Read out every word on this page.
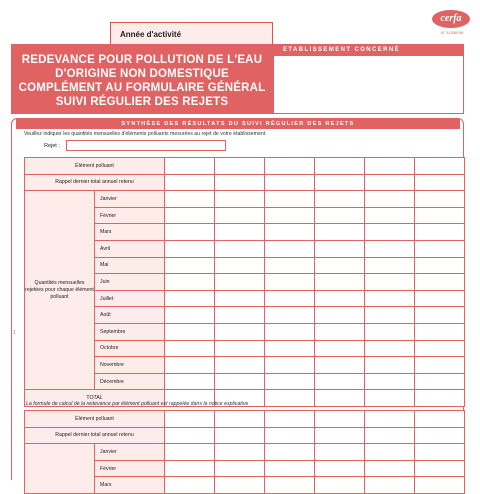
Année d'activité
REDEVANCE POUR POLLUTION DE L'EAU
D'ORIGINE NON DOMESTIQUE
COMPLÉMENT AU FORMULAIRE GÉNÉRAL
SUIVI RÉGULIER DES REJETS
ETABLISSEMENT CONCERNÉ
cerfa
N° 11336*08
SYNTHÈSE DES RÉSULTATS DU SUIVI RÉGULIER DES REJETS
1
Veuillez indiquer les quantités mensuelles d'éléments polluants mesurées au rejet de votre établissement.
Rejet :
Élément polluant							
Rappel dernier total annuel retenu							
Quantités mensuelles rejetées pour chaque élément polluant	Janvier						
	Février						
	Mars						
	Avril						
	Mai						
	Juin						
	Juillet						
	Août						
	Septembre						
	Octobre						
	Novembre						
	Décembre						
TOTAL							
La formule de calcul de la redevance par élément polluant est rappelée dans la notice explicative
Élément polluant							
Rappel dernier total annuel retenu							
	Janvier						
	Février						
	Mars						
